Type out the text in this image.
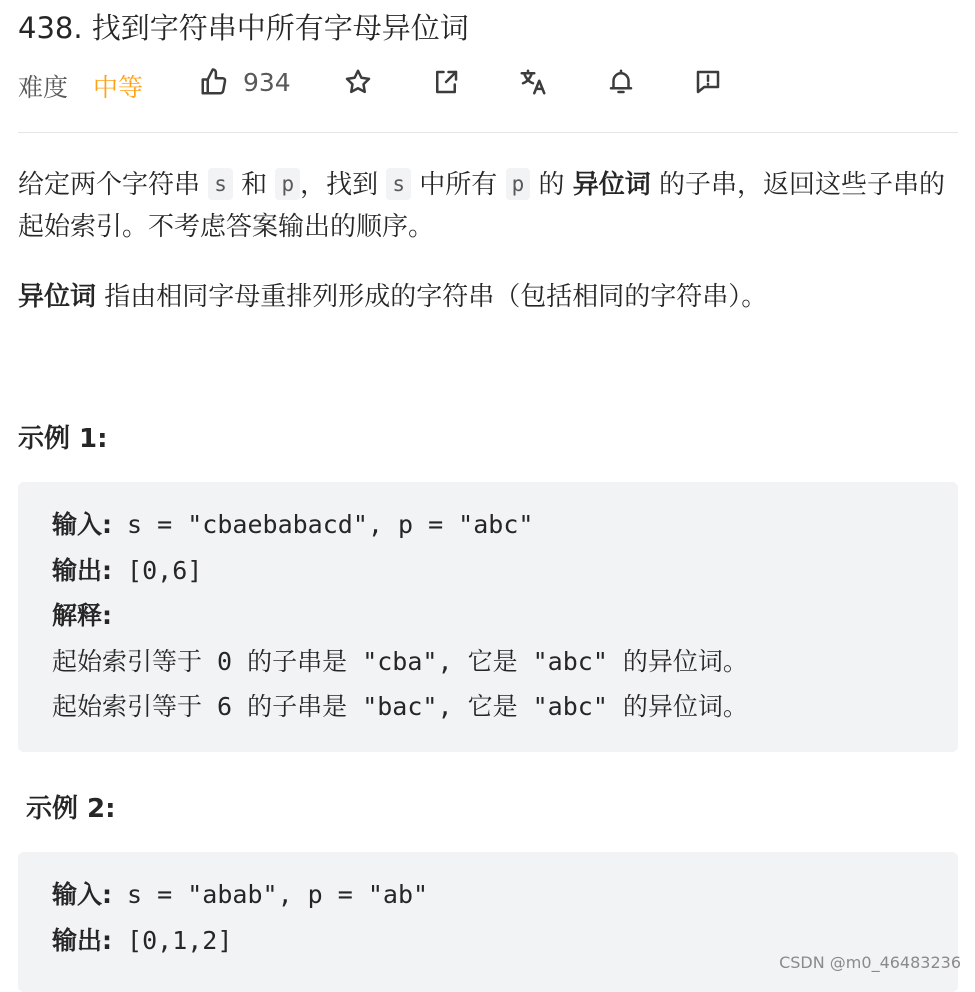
438. 找到字符串中所有字母异位词
难度 中等	934
给定两个字符串 s 和 p ，找到 s 中所有 p 的 异位词 的子串，返回这些子串的起始索引。不考虑答案输出的顺序。
异位词 指由相同字母重排列形成的字符串（包括相同的字符串）。
示例 1:
输入: s = "cbaebabacd", p = "abc"
输出: [0,6]
解释:
起始索引等于 0 的子串是 "cba", 它是 "abc" 的异位词。
起始索引等于 6 的子串是 "bac", 它是 "abc" 的异位词。
示例 2:
输入: s = "abab", p = "ab"
输出: [0,1,2]
CSDN @m0_46483236
